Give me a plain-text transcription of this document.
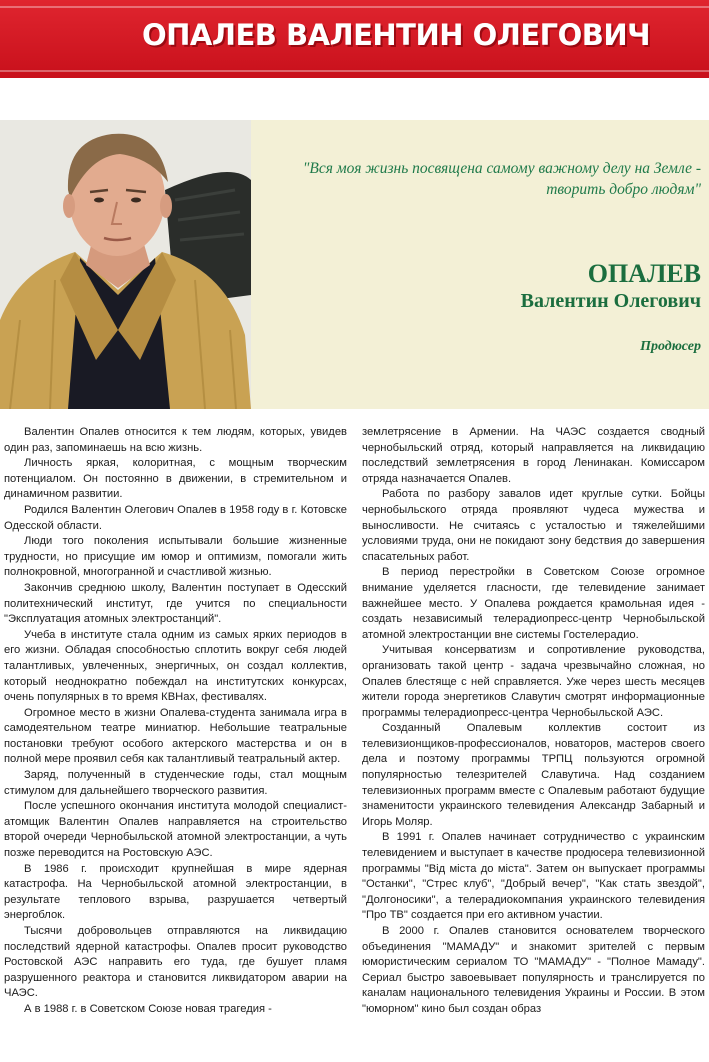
ОПАЛЕВ ВАЛЕНТИН ОЛЕГОВИЧ

"Вся моя жизнь посвящена самому важному делу на Земле - творить добро людям"

ОПАЛЕВ
Валентин Олегович

Продюсер

Валентин Опалев относится к тем людям, которых, увидев один раз, запоминаешь на всю жизнь.

Личность яркая, колоритная, с мощным творческим потенциалом. Он постоянно в движении, в стремительном и динамичном развитии.

Родился Валентин Олегович Опалев в 1958 году в г. Котовске Одесской области.

Люди того поколения испытывали большие жизненные трудности, но присущие им юмор и оптимизм, помогали жить полнокровной, многогранной и счастливой жизнью.

Закончив среднюю школу, Валентин поступает в Одесский политехнический институт, где учится по специальности "Эксплуатация атомных электростанций".

Учеба в институте стала одним из самых ярких периодов в его жизни. Обладая способностью сплотить вокруг себя людей талантливых, увлеченных, энергичных, он создал коллектив, который неоднократно побеждал на институтских конкурсах, очень популярных в то время КВНах, фестивалях.

Огромное место в жизни Опалева-студента занимала игра в самодеятельном театре миниатюр. Небольшие театральные постановки требуют особого актерского мастерства и он в полной мере проявил себя как талантливый театральный актер.

Заряд, полученный в студенческие годы, стал мощным стимулом для дальнейшего творческого развития.

После успешного окончания института молодой специалист-атомщик Валентин Опалев направляется на строительство второй очереди Чернобыльской атомной электростанции, а чуть позже переводится на Ростовскую АЭС.

В 1986 г. происходит крупнейшая в мире ядерная катастрофа. На Чернобыльской атомной электростанции, в результате теплового взрыва, разрушается четвертый энергоблок.

Тысячи добровольцев отправляются на ликвидацию последствий ядерной катастрофы. Опалев просит руководство Ростовской АЭС направить его туда, где бушует пламя разрушенного реактора и становится ликвидатором аварии на ЧАЭС.

А в 1988 г. в Советском Союзе новая трагедия -

землетрясение в Армении. На ЧАЭС создается сводный чернобыльский отряд, который направляется на ликвидацию последствий землетрясения в город Ленинакан. Комиссаром отряда назначается Опалев.

Работа по разбору завалов идет круглые сутки. Бойцы чернобыльского отряда проявляют чудеса мужества и выносливости. Не считаясь с усталостью и тяжелейшими условиями труда, они не покидают зону бедствия до завершения спасательных работ.

В период перестройки в Советском Союзе огромное внимание уделяется гласности, где телевидение занимает важнейшее место. У Опалева рождается крамольная идея - создать независимый телерадиопресс-центр Чернобыльской атомной электростанции вне системы Гостелерадио.

Учитывая консерватизм и сопротивление руководства, организовать такой центр - задача чрезвычайно сложная, но Опалев блестяще с ней справляется. Уже через шесть месяцев жители города энергетиков Славутич смотрят информационные программы телерадиопресс-центра Чернобыльской АЭС.

Созданный Опалевым коллектив состоит из телевизионщиков-профессионалов, новаторов, мастеров своего дела и поэтому программы ТРПЦ пользуются огромной популярностью телезрителей Славутича. Над созданием телевизионных программ вместе с Опалевым работают будущие знаменитости украинского телевидения Александр Забарный и Игорь Моляр.

В 1991 г. Опалев начинает сотрудничество с украинским телевидением и выступает в качестве продюсера телевизионной программы "Від міста до міста". Затем он выпускает программы "Останки", "Стрес клуб", "Добрый вечер", "Как стать звездой", "Долгоносики", а телерадиокомпания украинского телевидения "Про ТВ" создается при его активном участии.

В 2000 г. Опалев становится основателем творческого объединения "МАМАДУ" и знакомит зрителей с первым юмористическим сериалом ТО "МАМАДУ" - "Полное Мамаду". Сериал быстро завоевывает популярность и транслируется по каналам национального телевидения Украины и России. В этом "юморном" кино был создан образ
